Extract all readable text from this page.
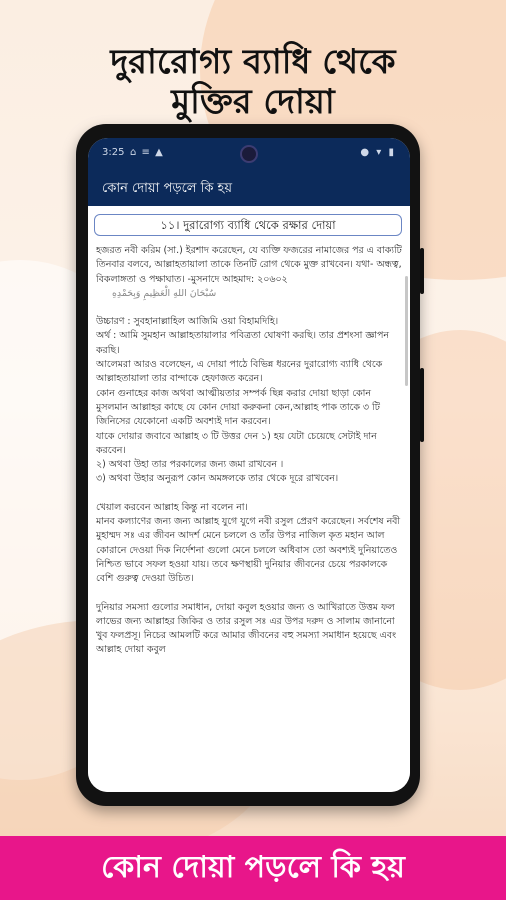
দুরারোগ্য ব্যাধি থেকে
মুক্তির দোয়া
3:25 ⌂ ≡ ▲	● ▾ ▮
কোন দোয়া পড়লে কি হয়
১১। দুরারোগ্য ব্যাধি থেকে রক্ষার দোয়া

হজরত নবী করিম (সা.) ইরশাদ করেছেন, যে ব্যক্তি ফজরের নামাজের পর এ বাক্যটি তিনবার বলবে, আল্লাহতায়ালা তাকে তিনটি রোগ থেকে মুক্ত রাখবেন। যথা- অন্ধত্ব, বিকলাঙ্গতা ও পক্ষাঘাত। -মুসনাদে আহমাদ: ২০৬০২

سُبْحَانَ اللهِ الْعَظِيمِ وَبِحَمْدِهِ

উচ্চারণ : সুবহানাল্লাহিল আজিমি ওয়া বিহামদিহি।

অর্থ : আমি সুমহান আল্লাহতায়ালার পবিত্রতা ঘোষণা করছি। তার প্রশংসা জ্ঞাপন করছি।

আলেমরা আরও বলেছেন, এ দোয়া পাঠে বিভিন্ন ধরনের দুরারোগ্য ব্যাধি থেকে আল্লাহতায়ালা তার বান্দাকে হেফাজত করেন।

কোন গুনাহের কাজ অথবা আত্মীয়তার সম্পর্ক ছিন্ন করার দোয়া ছাড়া কোন মুসলমান আল্লাহর কাছে যে কোন দোয়া করুকনা কেন,আল্লাহ পাক তাকে ৩ টি জিনিসের যেকোনো একটি অবশ্যই দান করবেন।

যাকে দোয়ার জবাবে আল্লাহ ৩ টি উত্তর দেন ১) হয় যেটা চেয়েছে সেটাই দান করবেন।

২) অথবা উহা তার পরকালের জন্য জমা রাখবেন ।

৩) অথবা উহার অনুরূপ কোন অমঙ্গলকে তার থেকে দূরে রাখবেন।

খেয়াল করবেন আল্লাহ কিন্তু না বলেন না।

মানব কল্যাণের জন্য জন্য আল্লাহ যুগে যুগে নবী রসুল প্রেরণ করেছেন। সর্বশেষ নবী মুহাম্মদ সঃ এর জীবন আদর্শ মেনে চললে ও তাঁর উপর নাজিল কৃত মহান আল কোরানে দেওয়া দিক নির্দেশনা গুলো মেনে চললে অধিবাস তো অবশ্যই দুনিয়াতেও নিশ্চিত ভাবে সফল হওয়া যায়। তবে ক্ষণস্থায়ী দুনিয়ার জীবনের চেয়ে পরকালকে বেশি গুরুত্ব দেওয়া উচিত।

দুনিয়ার সমস্যা গুলোর সমাধান, দোয়া কবুল হওয়ার জন্য ও আখিরাতে উত্তম ফল লাভের জন্য আল্লাহর জিকির ও তার রসুল সঃ এর উপর দরুদ ও সালাম জানানো খুব ফলপ্রসূ। নিচের আমলটি করে আমার জীবনের বহু সমস্যা সমাধান হয়েছে এবং আল্লাহ দোয়া কবুল

কোন দোয়া পড়লে কি হয়
